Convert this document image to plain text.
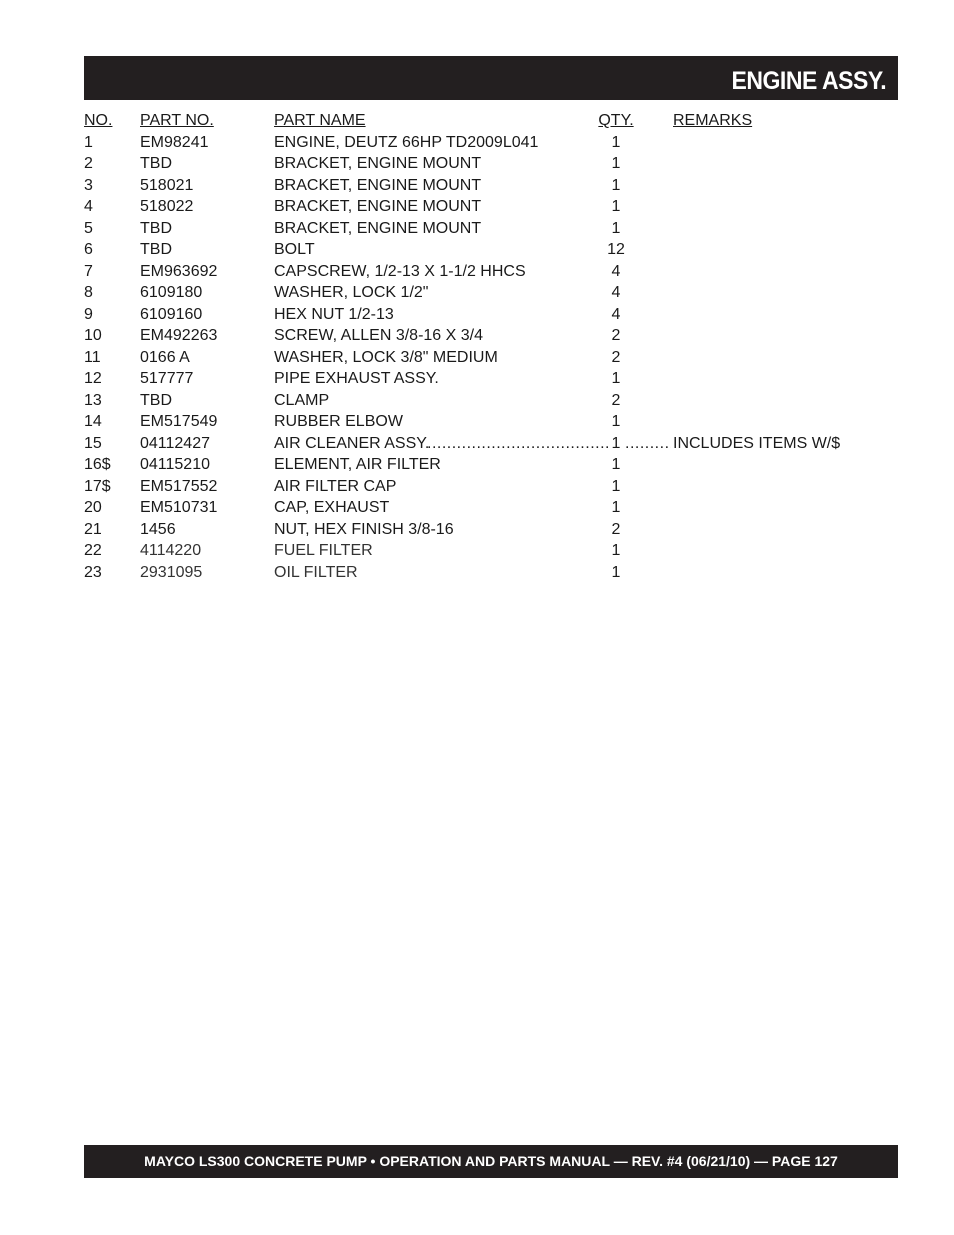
ENGINE ASSY.
NO. PART NO.	PART NAME	QTY. REMARKS
1	EM98241	ENGINE, DEUTZ 66HP TD2009L041	1
2	TBD	BRACKET, ENGINE MOUNT	1
3	518021	BRACKET, ENGINE MOUNT	1
4	518022	BRACKET, ENGINE MOUNT	1
5	TBD	BRACKET, ENGINE MOUNT	1
6	TBD	BOLT	12
7	EM963692	CAPSCREW, 1/2-13 X 1-1/2 HHCS	4
8	6109180	WASHER, LOCK 1/2"	4
9	6109160	HEX NUT 1/2-13	4
10 EM492263	SCREW, ALLEN 3/8-16 X 3/4	2
11 0166 A	WASHER, LOCK 3/8" MEDIUM	2
12 517777	PIPE EXHAUST ASSY.	1
13 TBD	CLAMP	2
14 EM517549	RUBBER ELBOW	1
15 04112427	AIR CLEANER ASSY.	1	INCLUDES ITEMS W/$
.....
.....
16$ 04115210	ELEMENT, AIR FILTER	1
17$ EM517552	AIR FILTER CAP	1
20 EM510731	CAP, EXHAUST	1
21 1456	NUT, HEX FINISH 3/8-16	2
22 4114220	FUEL FILTER	1
23 2931095	OIL FILTER	1
MAYCO LS300 CONCRETE PUMP • OPERATION AND PARTS MANUAL — REV. #4 (06/21/10) — PAGE 127
